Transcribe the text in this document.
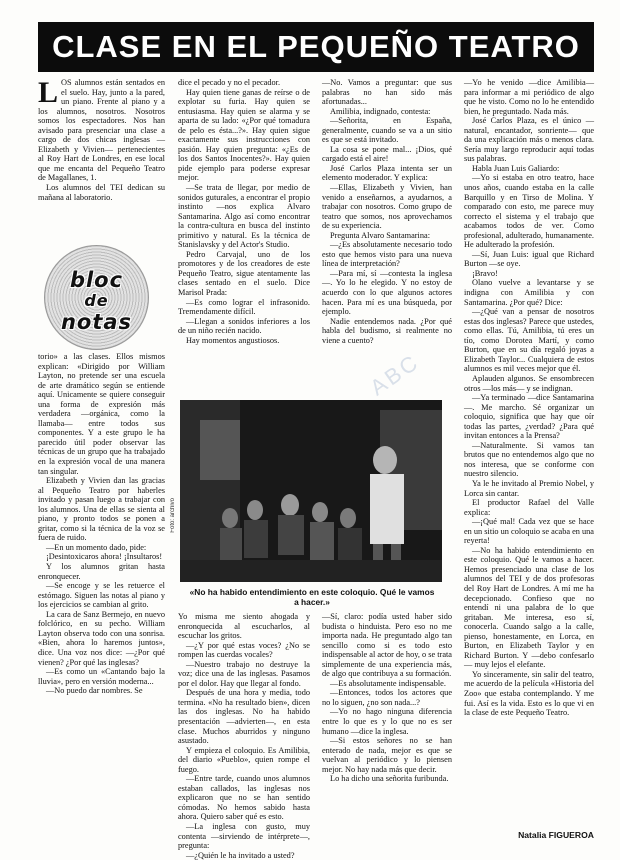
CLASE EN EL PEQUEÑO TEATRO

LOS alumnos están sentados en el suelo. Hay, junto a la pared, un piano. Frente al piano y a los alumnos, nosotros. Nosotros somos los espectadores. Nos han avisado para presenciar una clase a cargo de dos chicas inglesas —Elizabeth y Vivien— pertenecientes al Roy Hart de Londres, en ese local que me encanta del Pequeño Teatro de Magallanes, 1.

Los alumnos del TEI dedican su mañana al laboratorio.

bloc
de
notas

torio» a las clases. Ellos mismos explican: «Dirigido por William Layton, no pretende ser una escuela de arte dramático según se entiende aquí. Unicamente se quiere conseguir una forma de expresión más verdadera —orgánica, como la llamaba— entre todos sus componentes. Y a este grupo le ha parecido útil poder observar las técnicas de un grupo que ha trabajado en la expresión vocal de una manera tan singular.

Elizabeth y Vivien dan las gracias al Pequeño Teatro por haberles invitado y pasan luego a trabajar con los alumnos. Una de ellas se sienta al piano, y pronto todos se ponen a gritar, como si la técnica de la voz se fuera de ruido.

—En un momento dado, pide:

¡Desintoxicaros ahora! ¡Insultaros!

Y los alumnos gritan hasta enronquecer.

—Se encoge y se les retuerce el estómago. Siguen las notas al piano y los ejercicios se cambian al grito.

La cara de Sanz Bermejo, en nuevo folclórico, en su pecho. William Layton observa todo con una sonrisa. «Bien, ahora lo haremos juntos», dice. Una voz nos dice: —¿Por qué vienen? ¿Por qué las inglesas?

—Es como un «Cantando bajo la lluvia», pero en versión moderna...

—No puedo dar nombres. Se

dice el pecado y no el pecador.

Hay quien tiene ganas de reírse o de explotar su furia. Hay quien se entusiasma. Hay quien se alarma y se aparta de su lado: «¿Por qué tomadura de pelo es ésta...?». Hay quien sigue exactamente sus instrucciones con pasión. Hay quien pregunta: «¿Es de los dos Santos Inocentes?». Hay quien pide ejemplo para poderse expresar mejor.

—Se trata de llegar, por medio de sonidos guturales, a encontrar el propio instinto —nos explica Alvaro Santamarina. Algo así como encontrar la contra-cultura en busca del instinto primitivo y natural. Es la técnica de Stanislavsky y del Actor's Studio.

Pedro Carvajal, uno de los promotores y de los creadores de este Pequeño Teatro, sigue atentamente las clases sentado en el suelo. Dice Marisol Prada:

—Es como lograr el infrasonido. Tremendamente difícil.

—Llegan a sonidos inferiores a los de un niño recién nacido.

Hay momentos angustiosos.

—No. Vamos a preguntar: que sus palabras no han sido más afortunadas...

Amilibia, indignado, contesta:

—Señorita, en España, generalmente, cuando se va a un sitio es que se está invitado.

La cosa se pone mal... ¡Dios, qué cargado está el aire!

José Carlos Plaza intenta ser un elemento moderador. Y explica:

—Ellas, Elizabeth y Vivien, han venido a enseñarnos, a ayudarnos, a trabajar con nosotros. Como grupo de teatro que somos, nos aprovechamos de su experiencia.

Pregunta Alvaro Santamarina:

—¿Es absolutamente necesario todo esto que hemos visto para una nueva línea de interpretación?

—Para mí, sí —contesta la inglesa—. Yo lo he elegido. Y no estoy de acuerdo con lo que algunos actores hacen. Para mí es una búsqueda, por ejemplo.

Nadie entendemos nada. ¿Por qué habla del budismo, si realmente no viene a cuento?

Foto: archivo
«No ha habido entendimiento en este coloquio. Qué le vamos a hacer.»

Yo misma me siento ahogada y enronquecida al escucharlos, al escuchar los gritos.

—¿Y por qué estas voces? ¿No se rompen las cuerdas vocales?

—Nuestro trabajo no destruye la voz; dice una de las inglesas. Pasamos por el dolor. Hay que llegar al fondo.

Después de una hora y media, todo termina. «No ha resultado bien», dicen las dos inglesas. No ha habido presentación —advierten—, en esta clase. Muchos aburridos y ninguno asustado.

Y empieza el coloquio. Es Amilibia, del diario «Pueblo», quien rompe el fuego.

—Entre tarde, cuando unos alumnos estaban callados, las inglesas nos explicaron que no se han sentido cómodas. No hemos sabido hasta ahora. Quiero saber qué es esto.

—La inglesa con gusto, muy contenta —sirviendo de intérprete—, pregunta:

—¿Quién le ha invitado a usted?

—Sí, claro: podía usted haber sido budista o hinduista. Pero eso no me importa nada. He preguntado algo tan sencillo como si es todo esto indispensable al actor de hoy, o se trata simplemente de una experiencia más, de algo que contribuya a su formación.

—Es absolutamente indispensable.

—Entonces, todos los actores que no lo siguen, ¿no son nada...?

—Yo no hago ninguna diferencia entre lo que es y lo que no es ser humano —dice la inglesa.

—Si estos señores no se han enterado de nada, mejor es que se vuelvan al periódico y lo piensen mejor. No hay nada más que decir.

Lo ha dicho una señorita furibunda.

—Yo he venido —dice Amilibia— para informar a mi periódico de algo que he visto. Como no lo he entendido bien, he preguntado. Nada más.

José Carlos Plaza, es el único —natural, encantador, sonriente— que da una explicación más o menos clara. Sería muy largo reproducir aquí todas sus palabras.

Habla Juan Luis Galiardo:

—Yo si estaba en otro teatro, hace unos años, cuando estaba en la calle Barquillo y en Tirso de Molina. Y comparado con esto, me parece muy correcto el sistema y el trabajo que acabamos todos de ver. Como profesional, adulterado, humanamente. He adulterado la profesión.

—Sí, Juan Luis: igual que Richard Burton —se oye.

¡Bravo!

Olano vuelve a levantarse y se indigna con Amilibia y con Santamarina. ¿Por qué? Dice:

—¿Qué van a pensar de nosotros estas dos inglesas? Parece que ustedes, como ellas. Tú, Amilibia, tú eres un tío, como Dorotea Martí, y como Burton, que en su día regaló joyas a Elizabeth Taylor... Cualquiera de estos alumnos es mil veces mejor que él.

Aplauden algunos. Se ensombrecen otros —los más— y se indignan.

—Ya terminado —dice Santamarina—. Me marcho. Sé organizar un coloquio, significa que hay que oír todas las partes, ¿verdad? ¿Para qué invitan entonces a la Prensa?

—Naturalmente. Si vamos tan brutos que no entendemos algo que no nos interesa, que se conforme con nuestro silencio.

Ya le he invitado al Premio Nobel, y Lorca sin cantar.

El productor Rafael del Valle explica:

—¡Qué mal! Cada vez que se hace en un sitio un coloquio se acaba en una reyerta!

—No ha habido entendimiento en este coloquio. Qué le vamos a hacer. Hemos presenciado una clase de los alumnos del TEI y de dos profesoras del Roy Hart de Londres. A mí me ha decepcionado. Confieso que no entendí ni una palabra de lo que gritaban. Me interesa, eso sí, conocerla. Cuando salgo a la calle, pienso, honestamente, en Lorca, en Burton, en Elizabeth Taylor y en Richard Burton. Y —debo confesarlo— muy lejos el elefante.

Yo sinceramente, sin salir del teatro, me acuerdo de la película «Historia del Zoo» que estaba contemplando. Y me fui. Así es la vida. Esto es lo que vi en la clase de este Pequeño Teatro.

Natalia FIGUEROA
ABC
